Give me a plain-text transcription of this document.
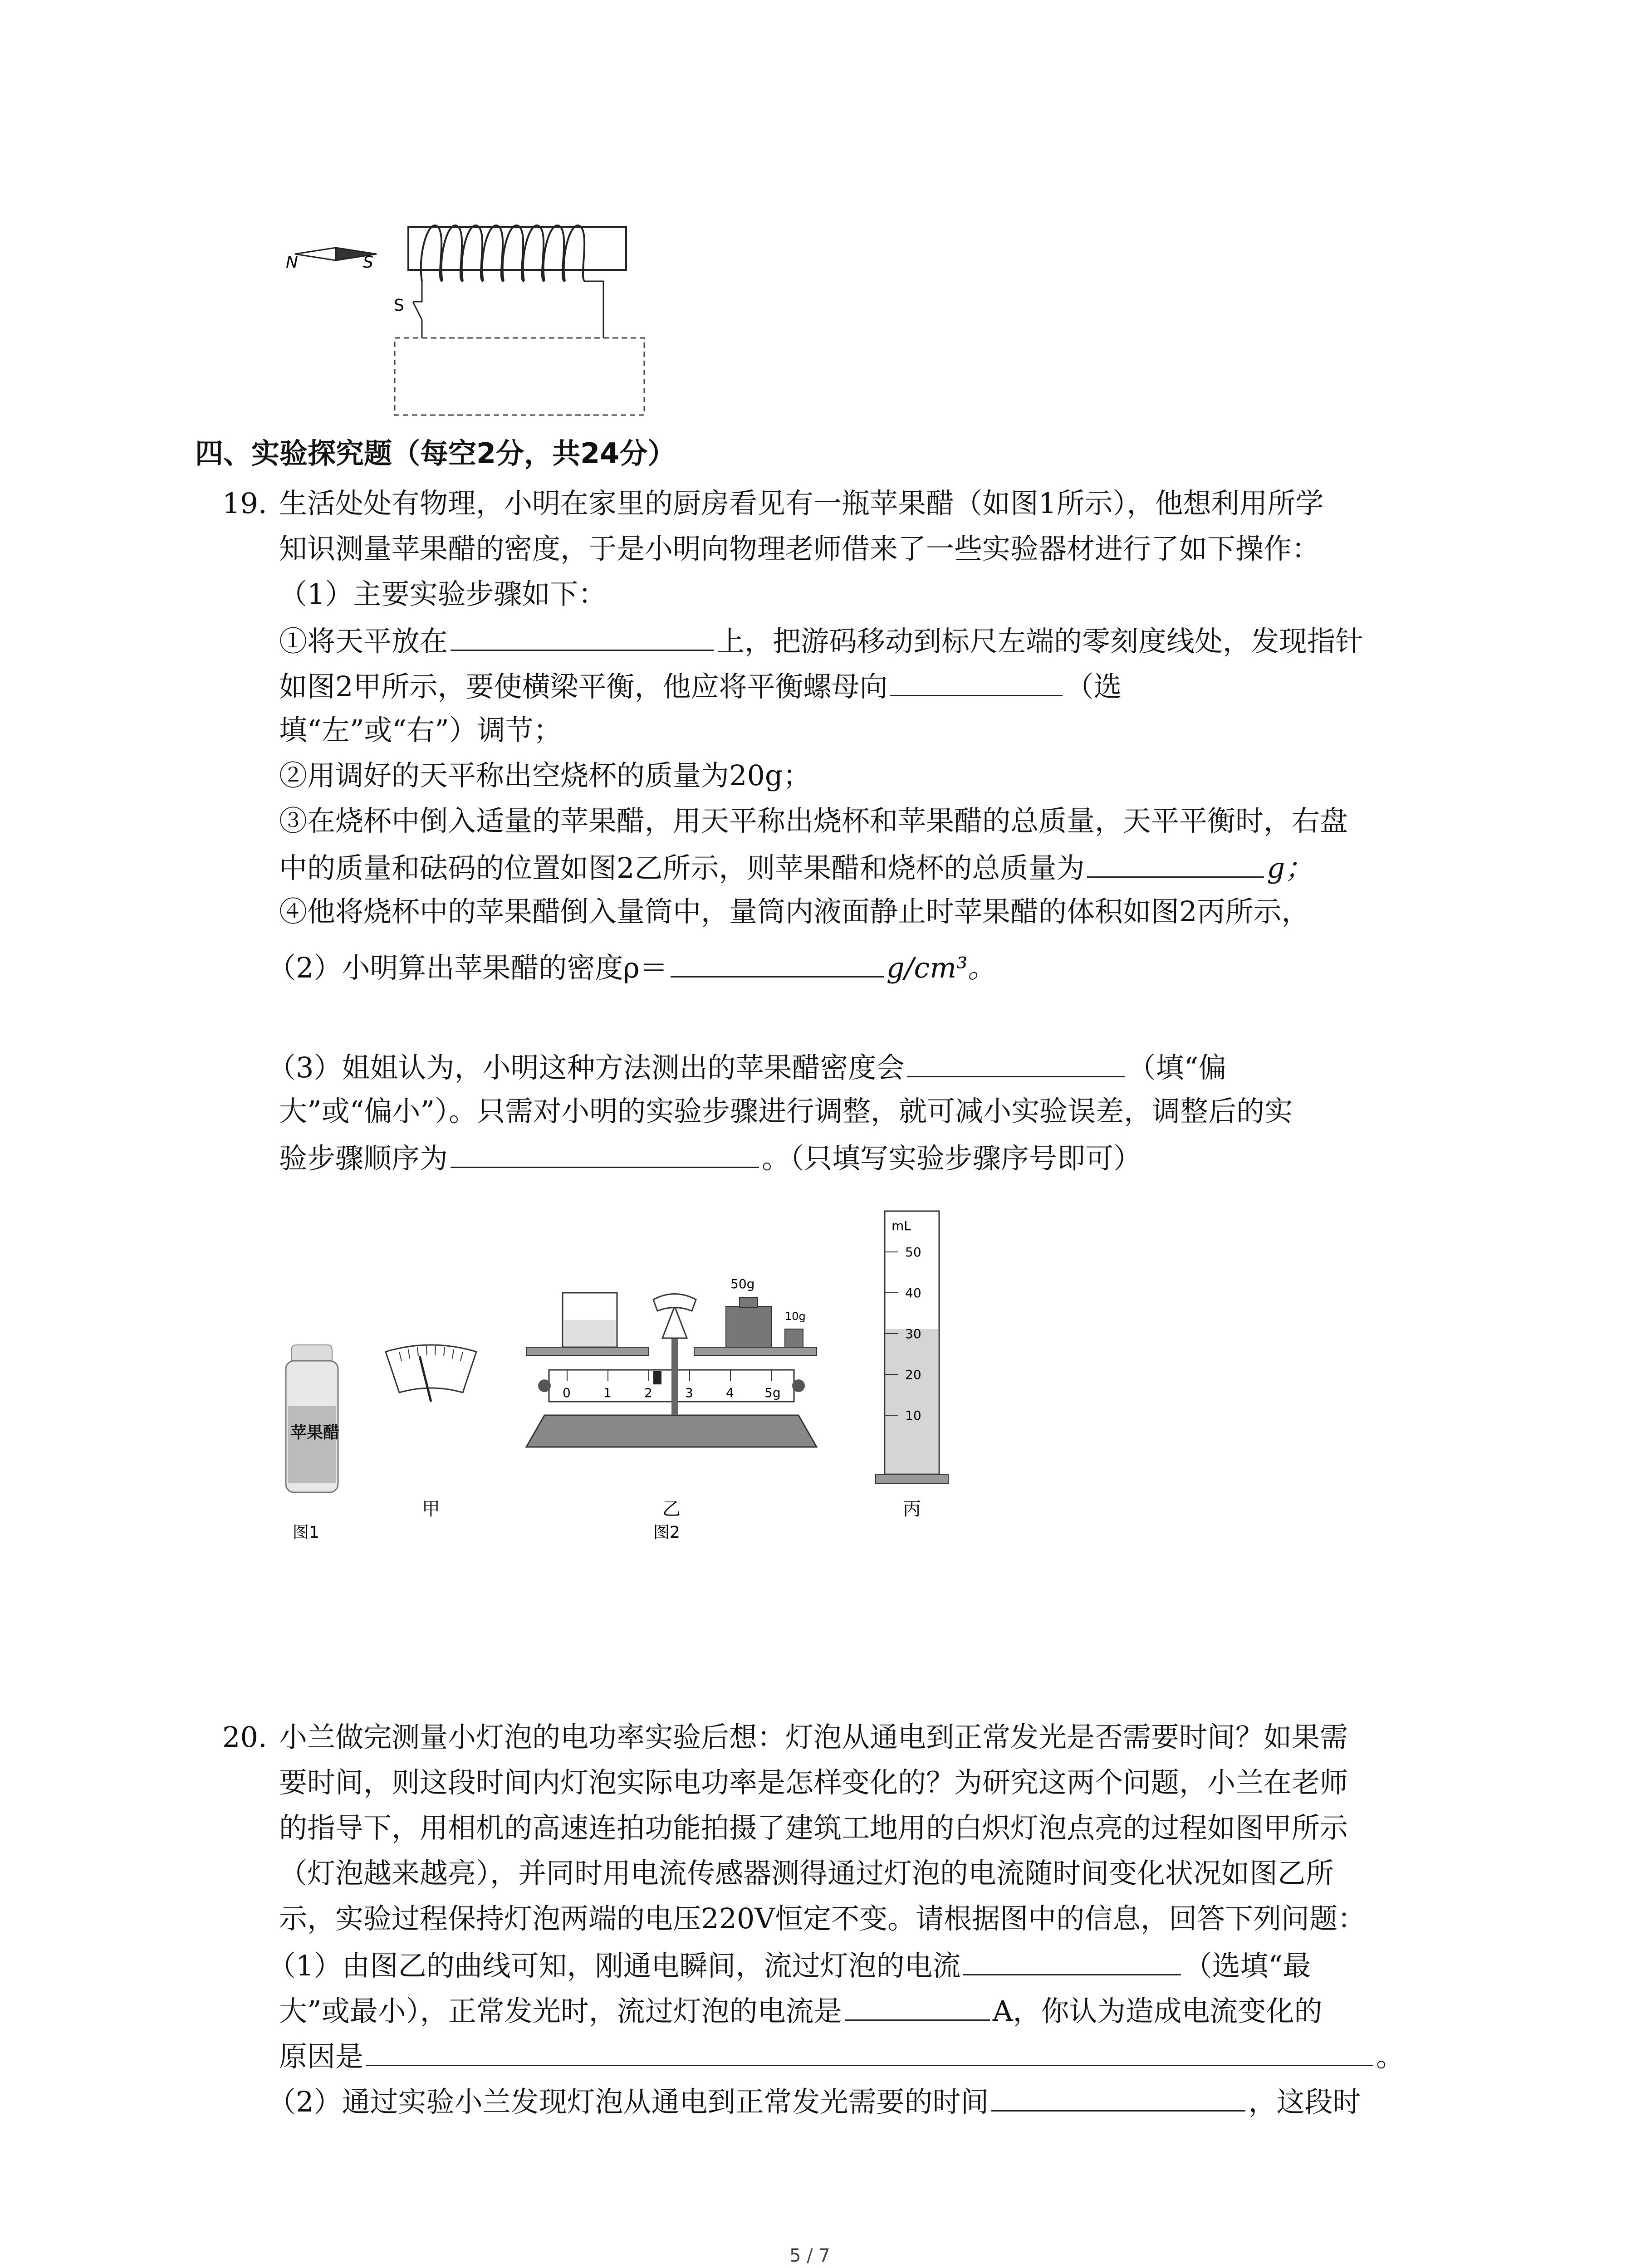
N	S
S
四、实验探究题（每空2分，共24分）
19. 生活处处有物理，小明在家里的厨房看见有一瓶苹果醋（如图1所示），他想利用所学
知识测量苹果醋的密度，于是小明向物理老师借来了一些实验器材进行了如下操作：
（1）主要实验步骤如下：
①将天平放在	上，把游码移动到标尺左端的零刻度线处，发现指针
如图2甲所示，要使横梁平衡，他应将平衡螺母向	（选
填“左”或“右”）调节；
②用调好的天平称出空烧杯的质量为20g；
③在烧杯中倒入适量的苹果醋，用天平称出烧杯和苹果醋的总质量，天平平衡时，右盘
中的质量和砝码的位置如图2乙所示，则苹果醋和烧杯的总质量为	g；
④他将烧杯中的苹果醋倒入量筒中，量筒内液面静止时苹果醋的体积如图2丙所示，
（2）小明算出苹果醋的密度ρ＝	g/cm³。
（3）姐姐认为，小明这种方法测出的苹果醋密度会	（填“偏
大”或“偏小”）。只需对小明的实验步骤进行调整，就可减小实验误差，调整后的实
验步骤顺序为	。（只填写实验步骤序号即可）
苹果醋
0	1	2	3	4 5g
50g
10g
mL
50
40
30
20
10
甲	乙	丙
图1	图2
20. 小兰做完测量小灯泡的电功率实验后想：灯泡从通电到正常发光是否需要时间？如果需
要时间，则这段时间内灯泡实际电功率是怎样变化的？为研究这两个问题，小兰在老师
的指导下，用相机的高速连拍功能拍摄了建筑工地用的白炽灯泡点亮的过程如图甲所示
（灯泡越来越亮），并同时用电流传感器测得通过灯泡的电流随时间变化状况如图乙所
示，实验过程保持灯泡两端的电压220V恒定不变。请根据图中的信息，回答下列问题：
（1）由图乙的曲线可知，刚通电瞬间，流过灯泡的电流	（选填“最
大”或最小），正常发光时，流过灯泡的电流是	A，你认为造成电流变化的
原因是	。
（2）通过实验小兰发现灯泡从通电到正常发光需要的时间	，这段时
5 / 7
